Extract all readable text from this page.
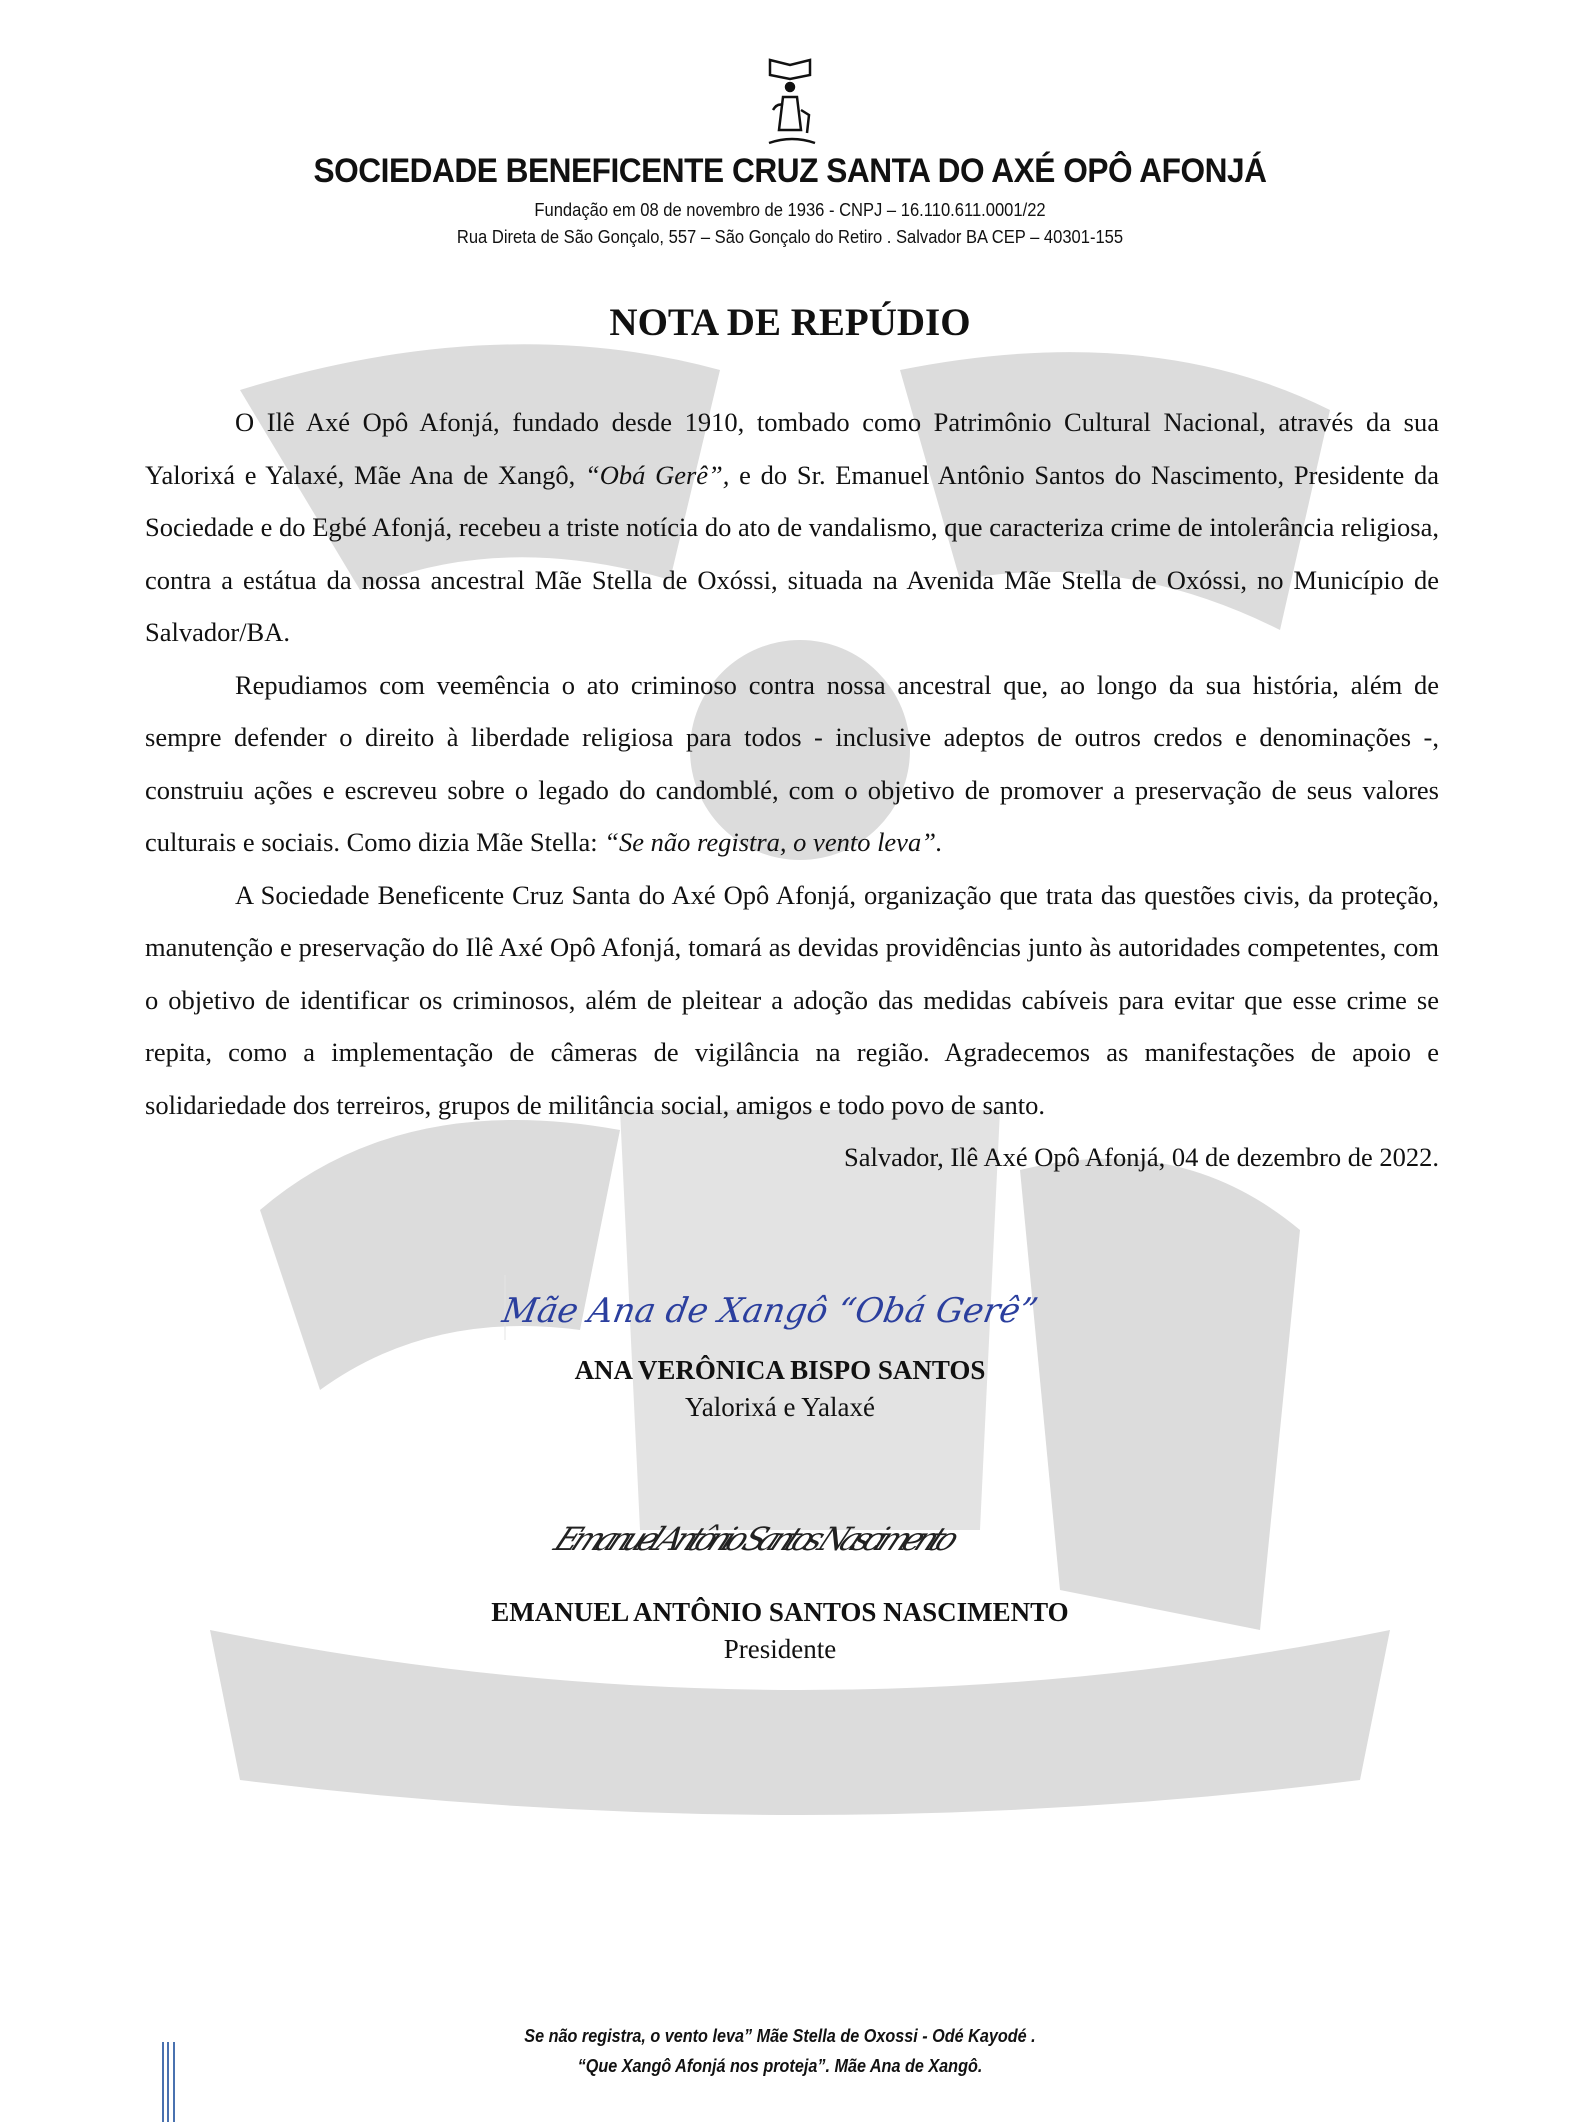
SOCIEDADE BENEFICENTE CRUZ SANTA DO AXÉ OPÔ AFONJÁ
Fundação em 08 de novembro de 1936 - CNPJ – 16.110.611.0001/22
Rua Direta de São Gonçalo, 557 – São Gonçalo do Retiro . Salvador BA CEP – 40301-155
NOTA DE REPÚDIO

O Ilê Axé Opô Afonjá, fundado desde 1910, tombado como Patrimônio Cultural Nacional, através da sua Yalorixá e Yalaxé, Mãe Ana de Xangô, “Obá Gerê”, e do Sr. Emanuel Antônio Santos do Nascimento, Presidente da Sociedade e do Egbé Afonjá, recebeu a triste notícia do ato de vandalismo, que caracteriza crime de intolerância religiosa, contra a estátua da nossa ancestral Mãe Stella de Oxóssi, situada na Avenida Mãe Stella de Oxóssi, no Município de Salvador/BA.

Repudiamos com veemência o ato criminoso contra nossa ancestral que, ao longo da sua história, além de sempre defender o direito à liberdade religiosa para todos - inclusive adeptos de outros credos e denominações -, construiu ações e escreveu sobre o legado do candomblé, com o objetivo de promover a preservação de seus valores culturais e sociais. Como dizia Mãe Stella: “Se não registra, o vento leva”.

A Sociedade Beneficente Cruz Santa do Axé Opô Afonjá, organização que trata das questões civis, da proteção, manutenção e preservação do Ilê Axé Opô Afonjá, tomará as devidas providências junto às autoridades competentes, com o objetivo de identificar os criminosos, além de pleitear a adoção das medidas cabíveis para evitar que esse crime se repita, como a implementação de câmeras de vigilância na região. Agradecemos as manifestações de apoio e solidariedade dos terreiros, grupos de militância social, amigos e todo povo de santo.

Salvador, Ilê Axé Opô Afonjá, 04 de dezembro de 2022.

Mãe Ana de Xangô “Obá Gerê”
ANA VERÔNICA BISPO SANTOS
Yalorixá e Yalaxé
Emanuel Antônio Santos Nascimento
EMANUEL ANTÔNIO SANTOS NASCIMENTO
Presidente
Se não registra, o vento leva” Mãe Stella de Oxossi - Odé Kayodé .
“Que Xangô Afonjá nos proteja”. Mãe Ana de Xangô.
